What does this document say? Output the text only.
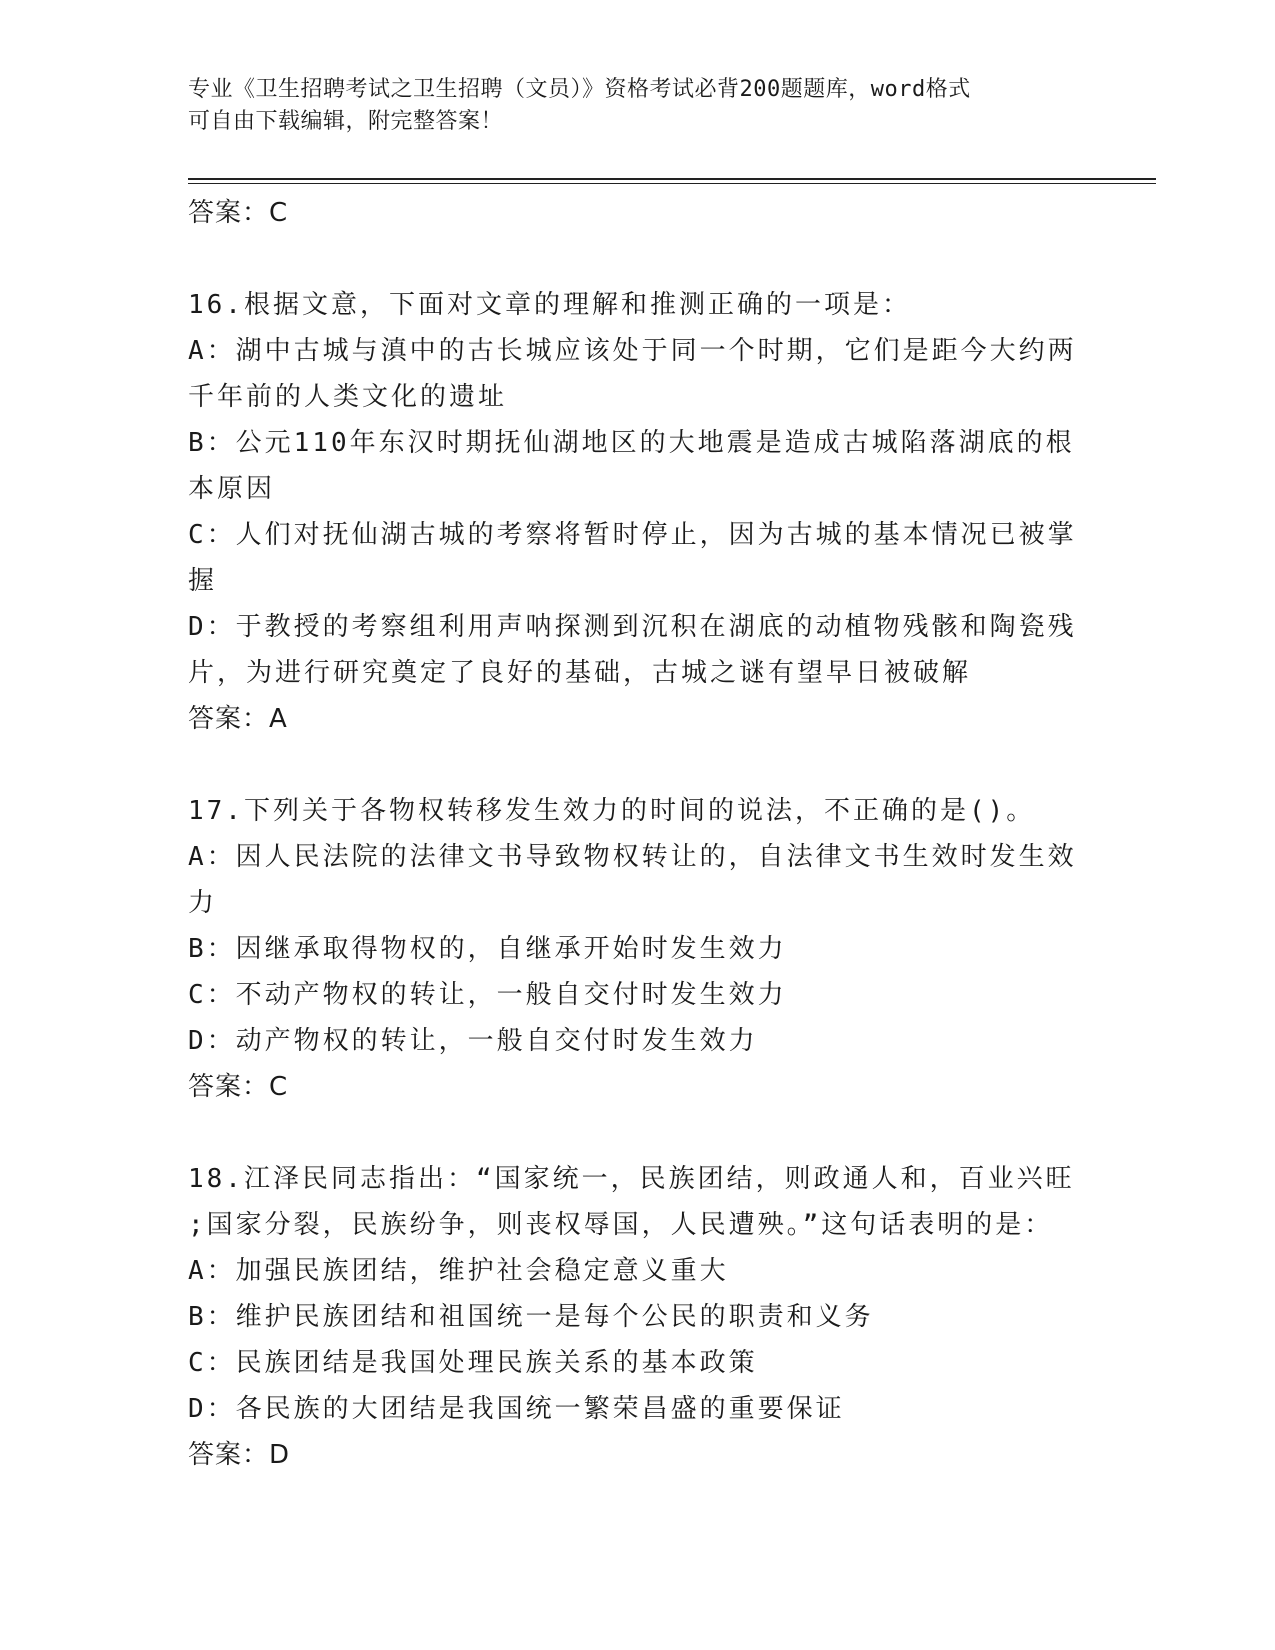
专业《卫生招聘考试之卫生招聘（文员）》资格考试必背200题题库，word格式
可自由下载编辑，附完整答案！
答案：C
16.根据文意，下面对文章的理解和推测正确的一项是：
A：湖中古城与滇中的古长城应该处于同一个时期，它们是距今大约两
千年前的人类文化的遗址
B：公元110年东汉时期抚仙湖地区的大地震是造成古城陷落湖底的根
本原因
C：人们对抚仙湖古城的考察将暂时停止，因为古城的基本情况已被掌
握
D：于教授的考察组利用声呐探测到沉积在湖底的动植物残骸和陶瓷残
片，为进行研究奠定了良好的基础，古城之谜有望早日被破解
答案：A
17.下列关于各物权转移发生效力的时间的说法，不正确的是()。
A：因人民法院的法律文书导致物权转让的，自法律文书生效时发生效
力
B：因继承取得物权的，自继承开始时发生效力
C：不动产物权的转让，一般自交付时发生效力
D：动产物权的转让，一般自交付时发生效力
答案：C
18.江泽民同志指出：“国家统一，民族团结，则政通人和，百业兴旺
;国家分裂，民族纷争，则丧权辱国，人民遭殃。”这句话表明的是：
A：加强民族团结，维护社会稳定意义重大
B：维护民族团结和祖国统一是每个公民的职责和义务
C：民族团结是我国处理民族关系的基本政策
D：各民族的大团结是我国统一繁荣昌盛的重要保证
答案：D
